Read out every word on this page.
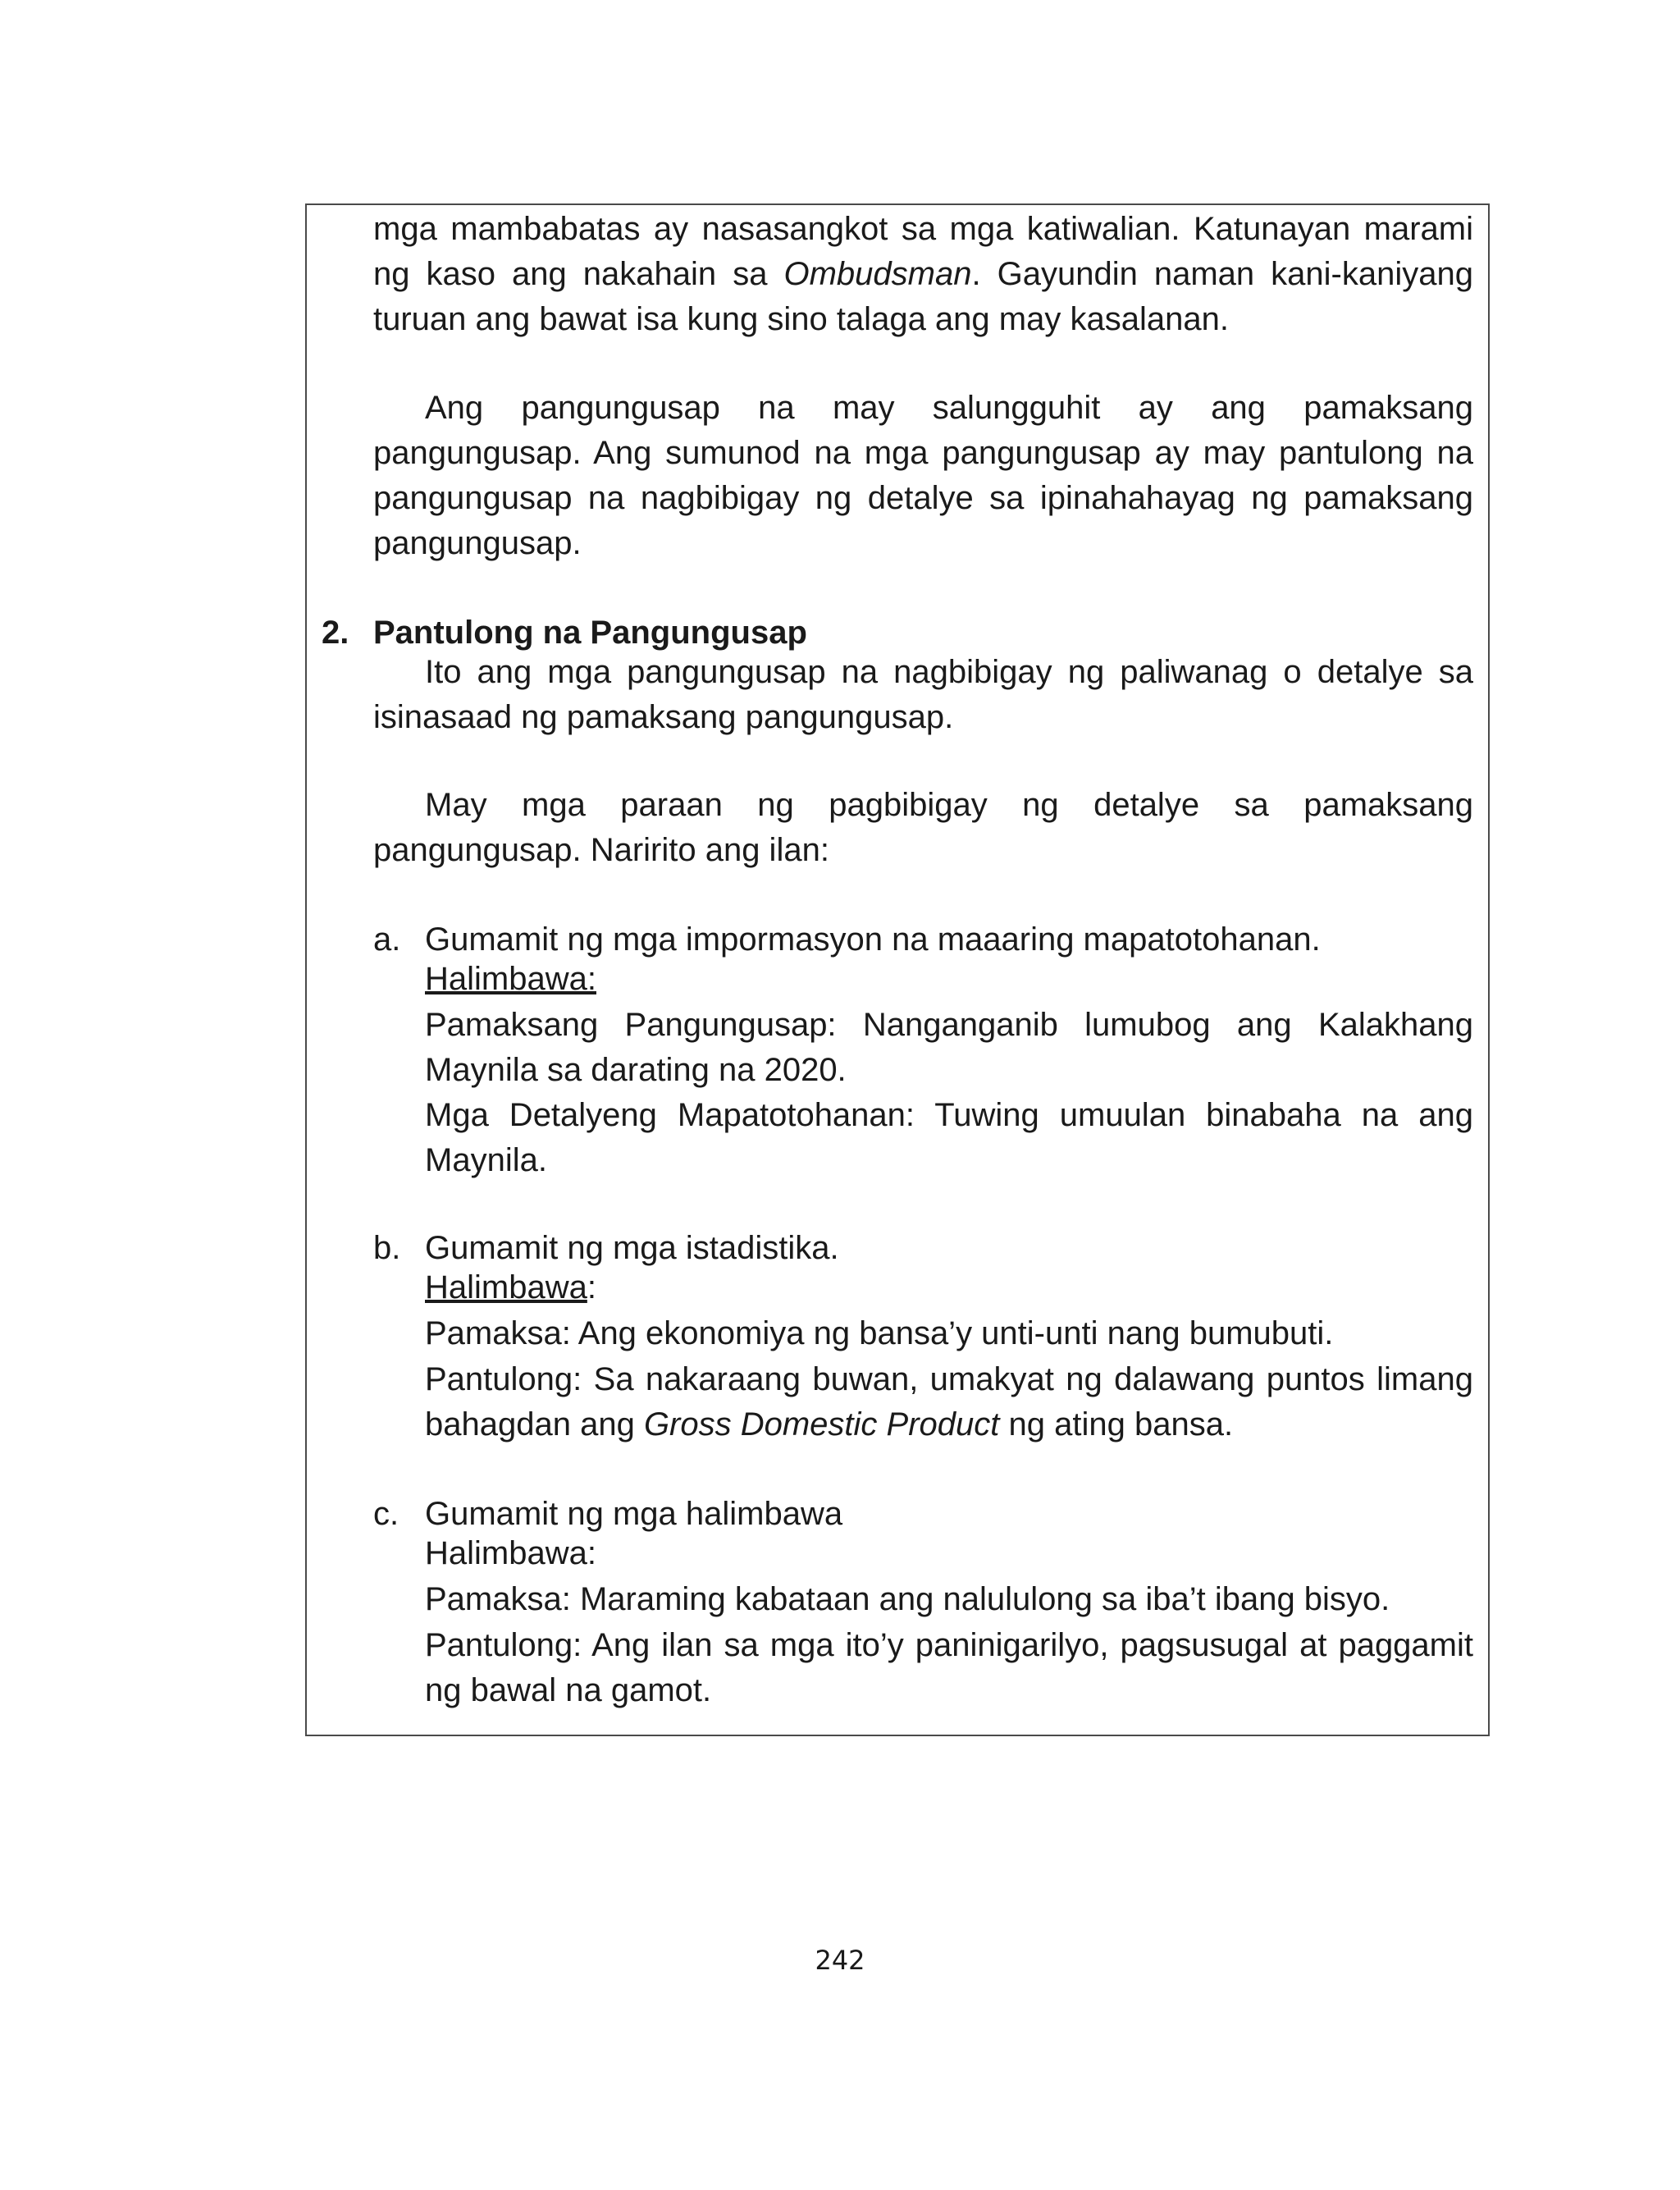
mga mambabatas ay nasasangkot sa mga katiwalian. Katunayan marami ng kaso ang nakahain sa Ombudsman. Gayundin naman kani-kaniyang turuan ang bawat isa kung sino talaga ang may kasalanan.

Ang pangungusap na may salungguhit ay ang pamaksang pangungusap. Ang sumunod na mga pangungusap ay may pantulong na pangungusap na nagbibigay ng detalye sa ipinahahayag ng pamaksang pangungusap.

2. Pantulong na Pangungusap

Ito ang mga pangungusap na nagbibigay ng paliwanag o detalye sa isinasaad ng pamaksang pangungusap.

May mga paraan ng pagbibigay ng detalye sa pamaksang pangungusap. Naririto ang ilan:

a. Gumamit ng mga impormasyon na maaaring mapatotohanan.
Halimbawa:

Pamaksang Pangungusap: Nanganganib lumubog ang Kalakhang Maynila sa darating na 2020.

Mga Detalyeng Mapatotohanan: Tuwing umuulan binabaha na ang Maynila.

b. Gumamit ng mga istadistika.
Halimbawa:

Pamaksa: Ang ekonomiya ng bansa’y unti-unti nang bumubuti.

Pantulong: Sa nakaraang buwan, umakyat ng dalawang puntos limang bahagdan ang Gross Domestic Product ng ating bansa.

c. Gumamit ng mga halimbawa
Halimbawa:

Pamaksa: Maraming kabataan ang nalululong sa iba’t ibang bisyo.

Pantulong: Ang ilan sa mga ito’y paninigarilyo, pagsusugal at paggamit ng bawal na gamot.

242
